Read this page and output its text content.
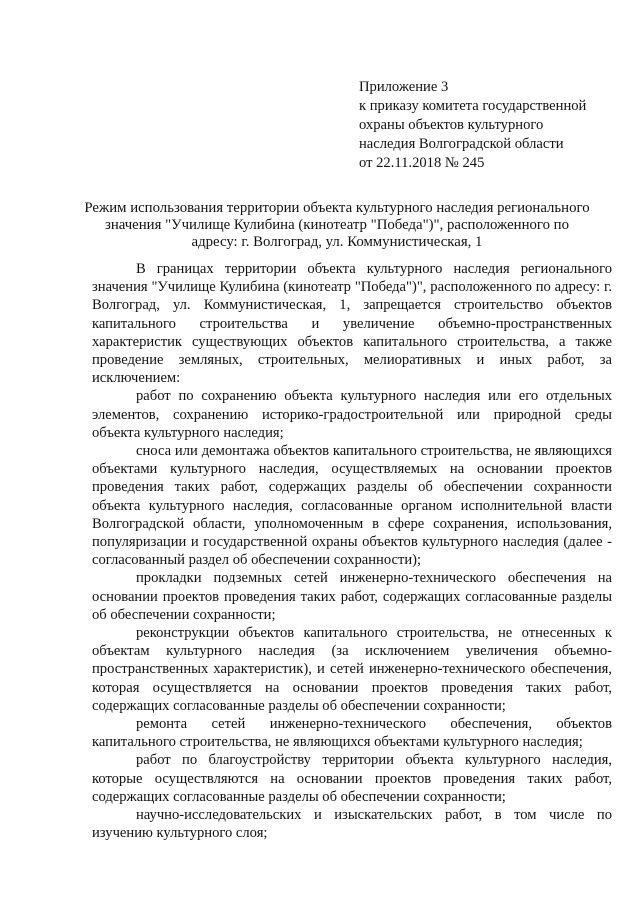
Приложение 3
к приказу комитета государственной
охраны объектов культурного
наследия Волгоградской области
от 22.11.2018 № 245
Режим использования территории объекта культурного наследия регионального
значения "Училище Кулибина (кинотеатр "Победа")", расположенного по
адресу: г. Волгоград, ул. Коммунистическая, 1

В границах территории объекта культурного наследия регионального значения "Училище Кулибина (кинотеатр "Победа")", расположенного по адресу: г. Волгоград, ул. Коммунистическая, 1, запрещается строительство объектов капитального строительства и увеличение объемно-пространственных характеристик существующих объектов капитального строительства, а также проведение земляных, строительных, мелиоративных и иных работ, за исключением:

работ по сохранению объекта культурного наследия или его отдельных элементов, сохранению историко-градостроительной или природной среды объекта культурного наследия;

сноса или демонтажа объектов капитального строительства, не являющихся объектами культурного наследия, осуществляемых на основании проектов проведения таких работ, содержащих разделы об обеспечении сохранности объекта культурного наследия, согласованные органом исполнительной власти Волгоградской области, уполномоченным в сфере сохранения, использования, популяризации и государственной охраны объектов культурного наследия (далее - согласованный раздел об обеспечении сохранности);

прокладки подземных сетей инженерно-технического обеспечения на основании проектов проведения таких работ, содержащих согласованные разделы об обеспечении сохранности;

реконструкции объектов капитального строительства, не отнесенных к объектам культурного наследия (за исключением увеличения объемно-пространственных характеристик), и сетей инженерно-технического обеспечения, которая осуществляется на основании проектов проведения таких работ, содержащих согласованные разделы об обеспечении сохранности;

ремонта сетей инженерно-технического обеспечения, объектов капитального строительства, не являющихся объектами культурного наследия;

работ по благоустройству территории объекта культурного наследия, которые осуществляются на основании проектов проведения таких работ, содержащих согласованные разделы об обеспечении сохранности;

научно-исследовательских и изыскательских работ, в том числе по изучению культурного слоя;
